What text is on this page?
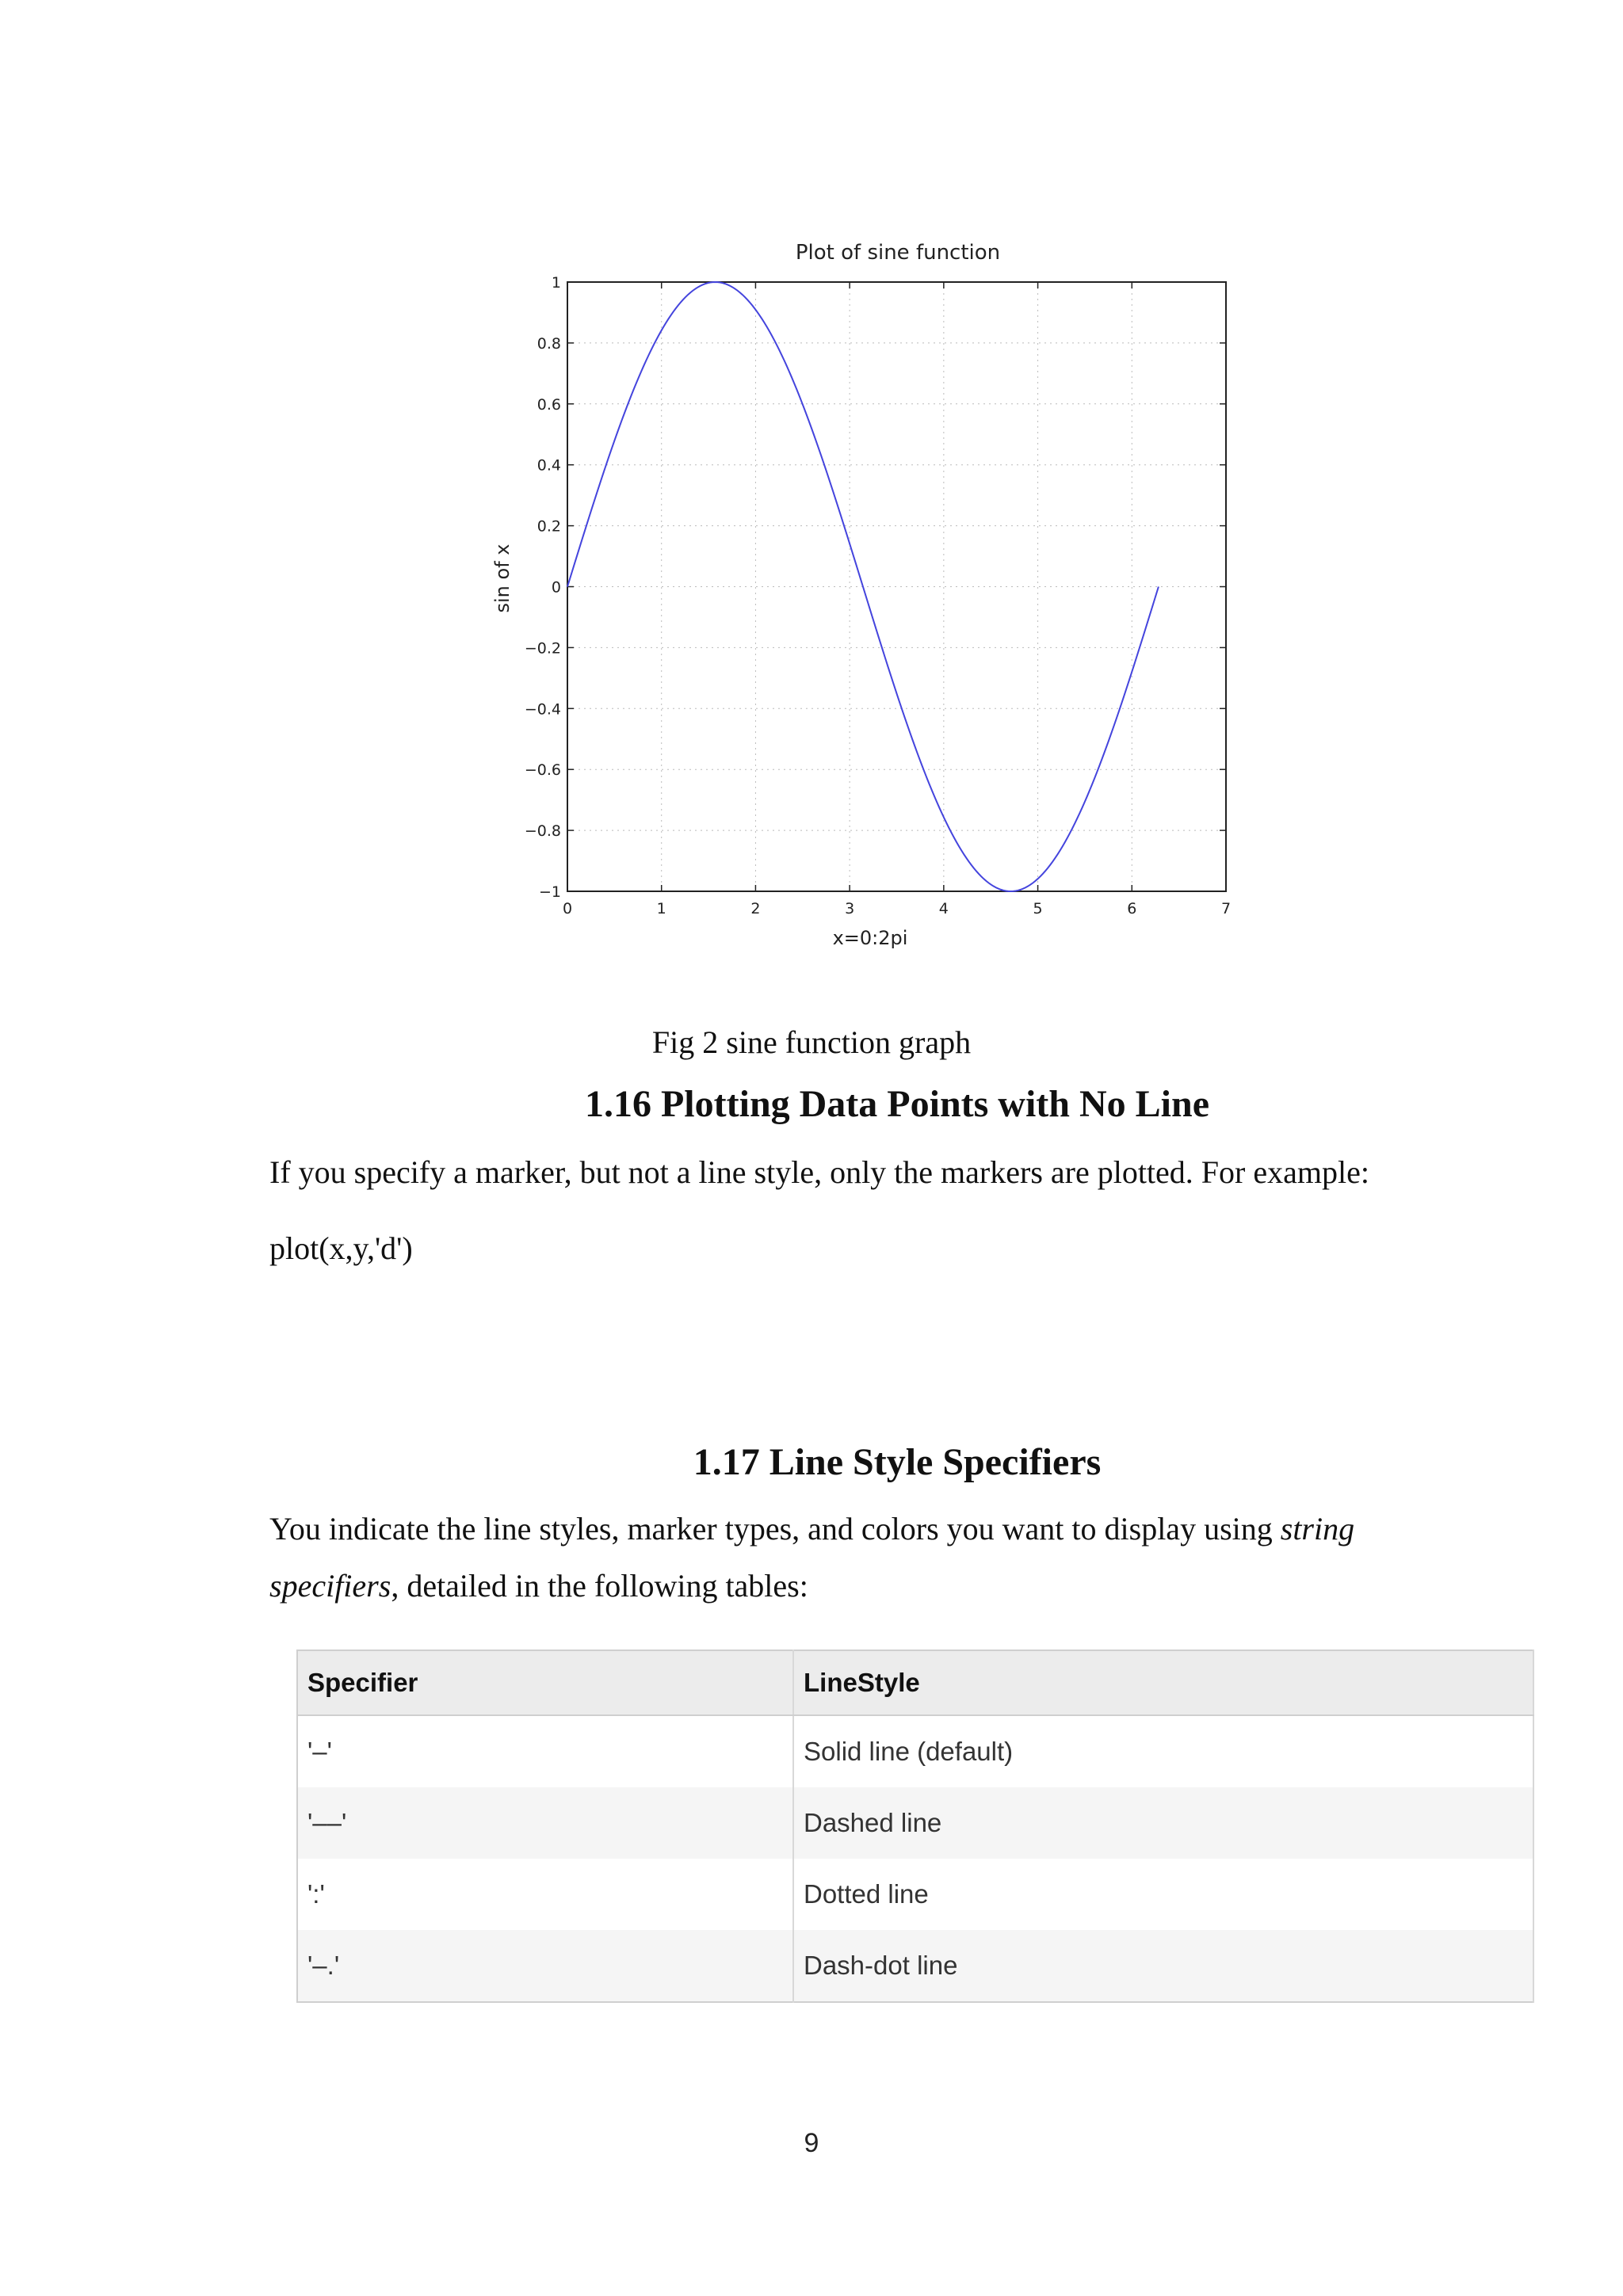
Plot of sine function
0	1	2	3	4	5	6	7
1
0.8
0.6
0.4
0.2
0
−0.2
−0.4
−0.6
−0.8
−1
x=0:2pi
sin of x
Fig 2 sine function graph
1.16 Plotting Data Points with No Line

If you specify a marker, but not a line style, only the markers are plotted. For example:

plot(x,y,'d')

1.17 Line Style Specifiers

You indicate the line styles, marker types, and colors you want to display using string
specifiers, detailed in the following tables:

Specifier	LineStyle
'–'	Solid line (default)
'––'	Dashed line
':'	Dotted line
'–.'	Dash-dot line
9
